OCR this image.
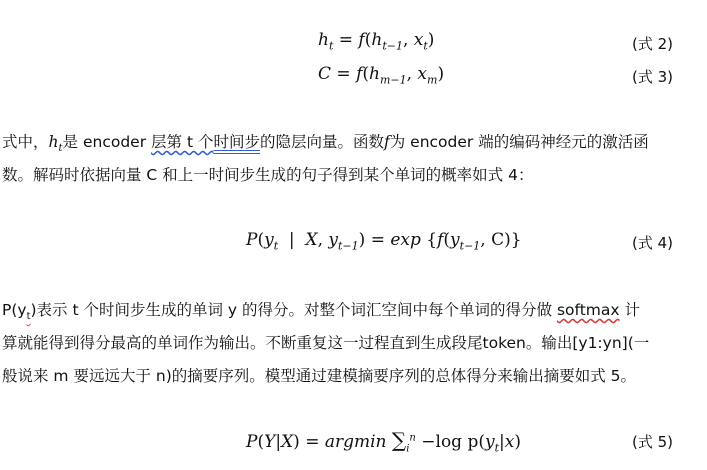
$h_t = f(h_{t-1}$, $x_t$)	(式 2)
$C = f(h_{m-1}$, $x_m$)	(式 3)
式中，$h_t$是 encoder 层第 t 个时间步的隐层向量。函数f为 encoder 端的编码神经元的激活函
数。解码时依据向量 C 和上一时间步生成的句子得到某个单词的概率如式 4：
$P(y_t$  |  X, $y_{t-1}) = \exp \{f(y_{t-1}$, C)}	(式 4)
$P(y_t)$表示 t 个时间步生成的单词 y 的得分。对整个词汇空间中每个单词的得分做 softmax 计
算就能得到得分最高的单词作为输出。不断重复这一过程直到生成段尾token。输出[y1:yn](一
般说来 m 要远远大于 n)的摘要序列。模型通过建模摘要序列的总体得分来输出摘要如式 5。
P(Y|X) = argmin $\sum_i^n -\log$ $p(y_t|x)$	(式 5)
